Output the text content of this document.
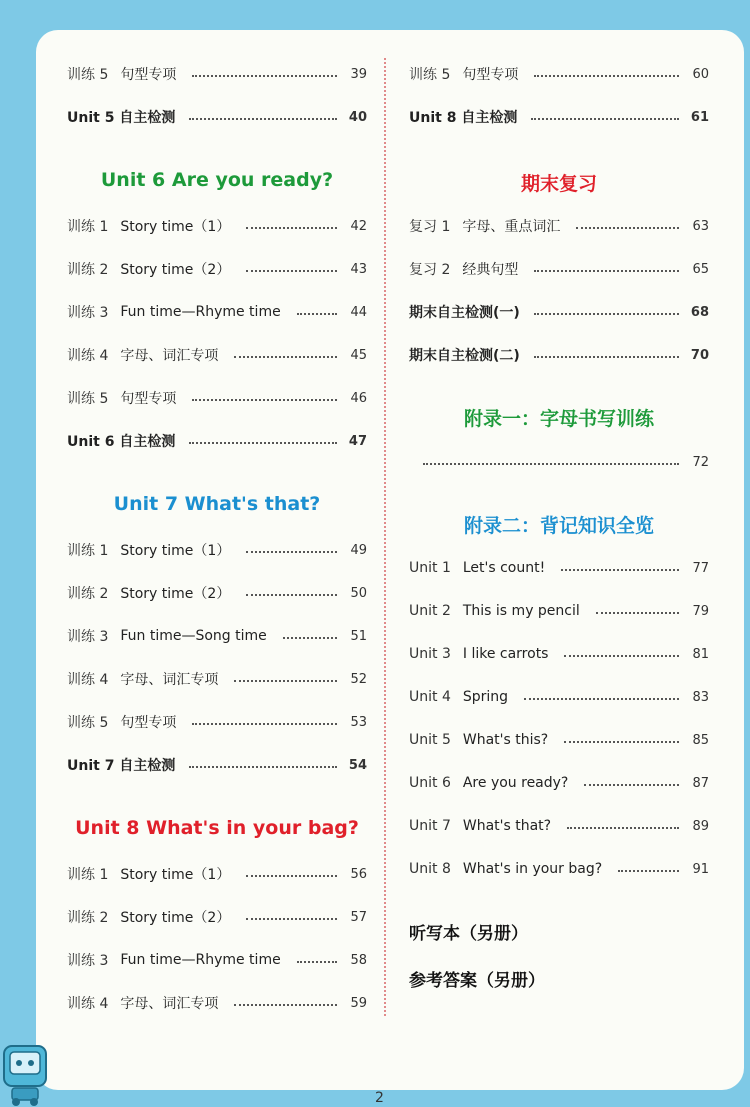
训练 5 句型专项	39
Unit 5 自主检测	40
Unit 6 Are you ready?
训练 1 Story time（1）	42
训练 2 Story time（2）	43
训练 3 Fun time—Rhyme time	44
训练 4 字母、词汇专项	45
训练 5 句型专项	46
Unit 6 自主检测	47
Unit 7 What's that?
训练 1 Story time（1）	49
训练 2 Story time（2）	50
训练 3 Fun time—Song time	51
训练 4 字母、词汇专项	52
训练 5 句型专项	53
Unit 7 自主检测	54
Unit 8 What's in your bag?
训练 1 Story time（1）	56
训练 2 Story time（2）	57
训练 3 Fun time—Rhyme time	58
训练 4 字母、词汇专项	59
训练 5 句型专项	60
Unit 8 自主检测	61
期末复习
复习 1 字母、重点词汇	63
复习 2 经典句型	65
期末自主检测(一)	68
期末自主检测(二)	70
附录一：字母书写训练
72
附录二：背记知识全览
Unit 1 Let's count!	77
Unit 2 This is my pencil	79
Unit 3 I like carrots	81
Unit 4 Spring	83
Unit 5 What's this?	85
Unit 6 Are you ready?	87
Unit 7 What's that?	89
Unit 8 What's in your bag?	91
听写本（另册）
参考答案（另册）
2
